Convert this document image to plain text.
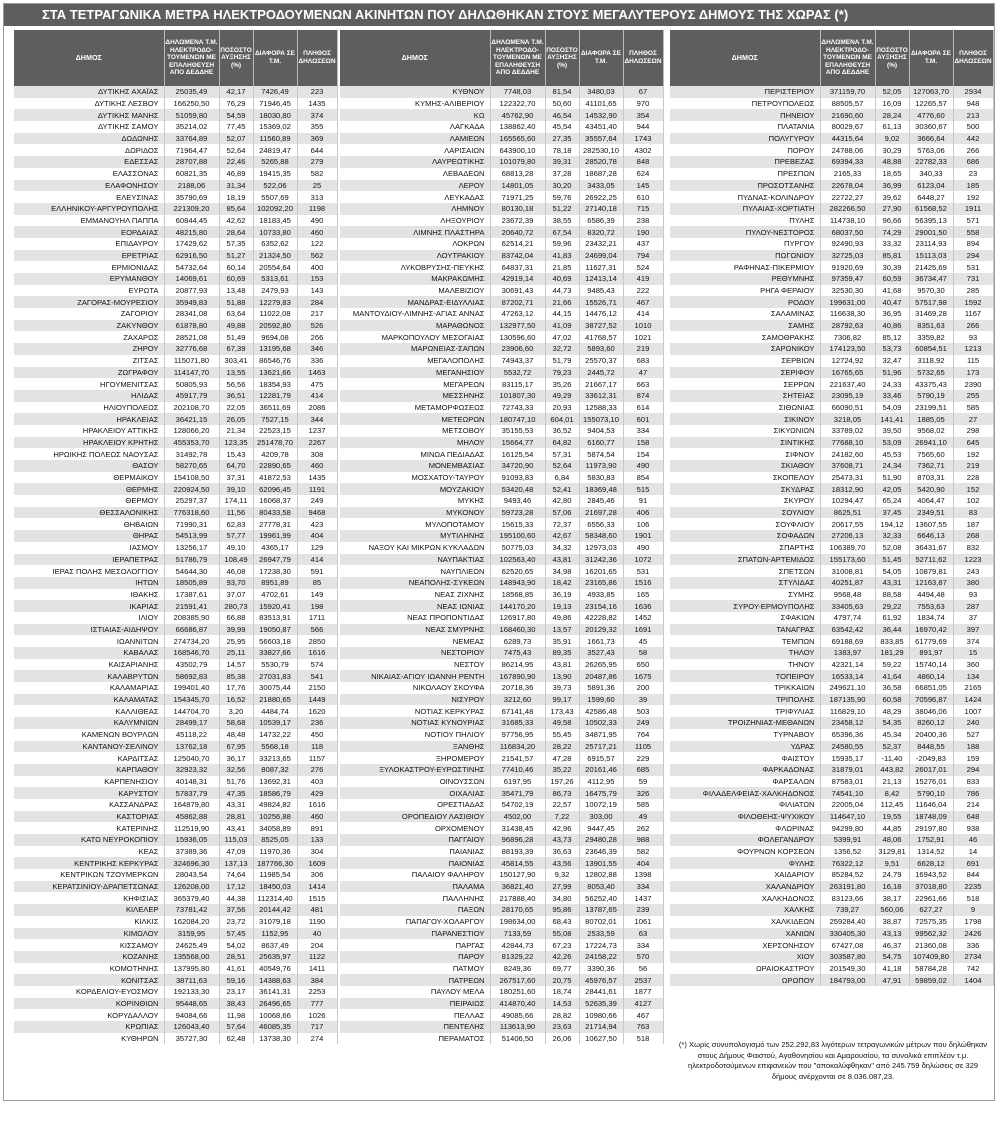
ΣΤΑ ΤΕΤΡΑΓΩΝΙΚΑ ΜΕΤΡΑ ΗΛΕΚΤΡΟΔΟΥΜΕΝΩΝ ΑΚΙΝΗΤΩΝ ΠΟΥ ΔΗΛΩΘΗΚΑΝ ΣΤΟΥΣ ΜΕΓΑΛΥΤΕΡΟΥΣ ΔΗΜΟΥΣ ΤΗΣ ΧΩΡΑΣ (*)
ΔΗΜΟΣ	ΔΗΛΩΜΕΝΑ Τ.Μ. ΗΛΕΚΤΡΟΔΟ-ΤΟΥΜΕΝΩΝ ΜΕ ΕΠΑΛΗΘΕΥΣΗ ΑΠΟ ΔΕΔΔΗΕ	ΠΟΣΟΣΤΟ ΑΥΞΗΣΗΣ (%)	ΔΙΑΦΟΡΑ ΣΕ Τ.Μ.	ΠΛΗΘΟΣ ΔΗΛΩΣΕΩΝ
ΔΥΤΙΚΗΣ ΑΧΑΪΑΣ	25035,49	42,17	7426,49	223
ΔΥΤΙΚΗΣ ΛΕΣΒΟΥ	166250,50	76,29	71946,45	1435
ΔΥΤΙΚΗΣ ΜΑΝΗΣ	51059,80	54,59	18030,80	374
ΔΥΤΙΚΗΣ ΣΑΜΟΥ	35214,02	77,45	15369,02	355
ΔΩΔΩΝΗΣ	33764,89	52,07	11560,89	369
ΔΩΡΙΔΟΣ	71964,47	52,64	24819,47	644
ΕΔΕΣΣΑΣ	28707,88	22,46	5265,88	279
ΕΛΑΣΣΟΝΑΣ	60821,35	46,89	19415,35	582
ΕΛΑΦΟΝΗΣΟΥ	2188,06	31,34	522,06	25
ΕΛΕΥΣΙΝΑΣ	35790,69	18,19	5507,69	313
ΕΛΛΗΝΙΚΟΥ-ΑΡΓΥΡΟΥΠΟΛΗΣ	221309,20	85,64	102092,20	1198
ΕΜΜΑΝΟΥΗΛ ΠΑΠΠΑ	60844,45	42,62	18183,45	490
ΕΟΡΔΑΙΑΣ	48215,80	28,64	10733,80	460
ΕΠΙΔΑΥΡΟΥ	17429,62	57,35	6352,62	122
ΕΡΕΤΡΙΑΣ	62916,50	51,27	21324,50	562
ΕΡΜΙΟΝΙΔΑΣ	54732,64	60,14	20554,64	400
ΕΡΥΜΑΝΘΟΥ	14069,61	60,69	5313,61	153
ΕΥΡΩΤΑ	20877,93	13,48	2479,93	143
ΖΑΓΟΡΑΣ-ΜΟΥΡΕΣΙΟΥ	35949,83	51,88	12279,83	284
ΖΑΓΟΡΙΟΥ	28341,08	63,64	11022,08	217
ΖΑΚΥΝΘΟΥ	61878,80	49,88	20592,80	526
ΖΑΧΑΡΩΣ	28521,08	51,49	9694,08	266
ΖΗΡΟΥ	32776,68	67,39	13195,68	346
ΖΙΤΣΑΣ	115071,80	303,41	86546,76	336
ΖΩΓΡΑΦΟΥ	114147,70	13,55	13621,66	1463
ΗΓΟΥΜΕΝΙΤΣΑΣ	50805,93	56,56	18354,93	475
ΗΛΙΔΑΣ	45917,79	36,51	12281,79	414
ΗΛΙΟΥΠΟΛΕΩΣ	202108,70	22,05	36511,69	2086
ΗΡΑΚΛΕΙΑΣ	36421,15	26,05	7527,15	344
ΗΡΑΚΛΕΙΟΥ ΑΤΤΙΚΗΣ	128066,20	21,34	22523,15	1237
ΗΡΑΚΛΕΙΟΥ ΚΡΗΤΗΣ	455353,70	123,35	251478,70	2267
ΗΡΩΙΚΗΣ ΠΟΛΕΩΣ ΝΑΟΥΣΑΣ	31492,78	15,43	4209,78	308
ΘΑΣΟΥ	58270,65	64,70	22890,65	460
ΘΕΡΜΑΙΚΟΥ	154108,50	37,31	41872,53	1435
ΘΕΡΜΗΣ	220924,50	39,10	62096,45	1191
ΘΕΡΜΟΥ	25297,37	174,11	16068,37	249
ΘΕΣΣΑΛΟΝΙΚΗΣ	776318,60	11,56	80433,58	9468
ΘΗΒΑΙΩΝ	71990,31	62,83	27778,31	423
ΘΗΡΑΣ	54513,99	57,77	19961,99	404
ΙΑΣΜΟΥ	13256,17	49,10	4365,17	129
ΙΕΡΑΠΕΤΡΑΣ	51786,79	108,49	26947,79	414
ΙΕΡΑΣ ΠΟΛΗΣ ΜΕΣΟΛΟΓΓΙΟΥ	54644,30	46,08	17238,30	591
ΙΗΤΩΝ	18505,89	93,70	8951,89	85
ΙΘΑΚΗΣ	17387,61	37,07	4702,61	149
ΙΚΑΡΙΑΣ	21591,41	280,73	15920,41	198
ΙΛΙΟΥ	208385,90	66,88	83513,91	1711
ΙΣΤΙΑΙΑΣ-ΑΙΔΗΨΟΥ	66686,87	39,99	19050,87	566
ΙΩΑΝΝΙΤΩΝ	274734,20	25,95	56603,18	2850
ΚΑΒΑΛΑΣ	168546,70	25,11	33827,66	1616
ΚΑΙΣΑΡΙΑΝΗΣ	43502,79	14,57	5530,79	574
ΚΑΛΑΒΡΥΤΩΝ	58692,83	85,38	27031,83	541
ΚΑΛΑΜΑΡΙΑΣ	199401,40	17,76	30075,44	2150
ΚΑΛΑΜΑΤΑΣ	154345,70	16,52	21880,65	1449
ΚΑΛΛΙΘΕΑΣ	144704,70	3,20	4484,74	1620
ΚΑΛΥΜΝΙΩΝ	28499,17	58,68	10539,17	236
ΚΑΜΕΝΩΝ ΒΟΥΡΛΩΝ	45118,22	48,48	14732,22	450
ΚΑΝΤΑΝΟΥ-ΣΕΛΙΝΟΥ	13762,18	67,95	5568,18	118
ΚΑΡΔΙΤΣΑΣ	125040,70	36,17	33213,65	1157
ΚΑΡΠΑΘΟΥ	32923,32	32,56	8087,32	276
ΚΑΡΠΕΝΗΣΙΟΥ	40148,31	51,76	13692,31	403
ΚΑΡΥΣΤΟΥ	57837,79	47,35	18586,79	429
ΚΑΣΣΑΝΔΡΑΣ	164879,80	43,31	49824,82	1616
ΚΑΣΤΟΡΙΑΣ	45862,88	28,81	10256,88	460
ΚΑΤΕΡΙΝΗΣ	112519,90	43,41	34058,89	891
ΚΑΤΩ ΝΕΥΡΟΚΟΠΙΟΥ	15936,05	115,03	8525,05	133
ΚΕΑΣ	37389,36	47,09	11970,36	304
ΚΕΝΤΡΙΚΗΣ ΚΕΡΚΥΡΑΣ	324696,30	137,13	187766,30	1609
ΚΕΝΤΡΙΚΩΝ ΤΖΟΥΜΕΡΚΩΝ	28043,54	74,64	11985,54	306
ΚΕΡΑΤΣΙΝΙΟΥ-ΔΡΑΠΕΤΣΩΝΑΣ	126208,00	17,12	18450,03	1414
ΚΗΦΙΣΙΑΣ	365379,40	44,38	112314,40	1515
ΚΙΛΕΛΕΡ	73781,42	37,56	20144,42	481
ΚΙΛΚΙΣ	162084,20	23,72	31079,18	1190
ΚΙΜΩΛΟΥ	3159,95	57,45	1152,95	40
ΚΙΣΣΑΜΟΥ	24625,49	54,02	8637,49	204
ΚΟΖΑΝΗΣ	135568,00	28,51	25635,97	1122
ΚΟΜΟΤΗΝΗΣ	137995,80	41,61	40549,76	1411
ΚΟΝΙΤΣΑΣ	38711,63	59,16	14388,63	384
ΚΟΡΔΕΛΙΟΥ-ΕΥΟΣΜΟΥ	192133,30	23,17	36141,31	2253
ΚΟΡΙΝΘΙΩΝ	95448,65	38,43	26496,65	777
ΚΟΡΥΔΑΛΛΟΥ	94084,66	11,98	10068,66	1026
ΚΡΩΠΙΑΣ	126043,40	57,64	46085,35	717
ΚΥΘΗΡΩΝ	35727,30	62,48	13738,30	274
ΔΗΜΟΣ	ΔΗΛΩΜΕΝΑ Τ.Μ. ΗΛΕΚΤΡΟΔΟ-ΤΟΥΜΕΝΩΝ ΜΕ ΕΠΑΛΗΘΕΥΣΗ ΑΠΟ ΔΕΔΔΗΕ	ΠΟΣΟΣΤΟ ΑΥΞΗΣΗΣ (%)	ΔΙΑΦΟΡΑ ΣΕ Τ.Μ.	ΠΛΗΘΟΣ ΔΗΛΩΣΕΩΝ
ΚΥΘΝΟΥ	7748,03	81,54	3480,03	67
ΚΥΜΗΣ-ΑΛΙΒΕΡΙΟΥ	122322,70	50,60	41101,65	970
ΚΩ	45762,90	46,54	14532,90	354
ΛΑΓΚΑΔΑ	138862,40	45,54	43451,40	944
ΛΑΜΙΕΩΝ	165565,60	27,35	35557,64	1743
ΛΑΡΙΣΑΙΩΝ	643900,10	78,18	282530,10	4302
ΛΑΥΡΕΩΤΙΚΗΣ	101079,80	39,31	28520,78	848
ΛΕΒΑΔΕΩΝ	68813,28	37,28	18687,28	624
ΛΕΡΟΥ	14801,05	30,20	3433,05	145
ΛΕΥΚΑΔΑΣ	71971,25	59,76	26922,25	610
ΛΗΜΝΟΥ	80130,18	51,22	27140,18	715
ΛΗΞΟΥΡΙΟΥ	23672,39	38,55	6586,39	238
ΛΙΜΝΗΣ ΠΛΑΣΤΗΡΑ	20640,72	67,54	8320,72	190
ΛΟΚΡΩΝ	62514,21	59,96	23432,21	437
ΛΟΥΤΡΑΚΙΟΥ	83742,04	41,83	24699,04	794
ΛΥΚΟΒΡΥΣΗΣ-ΠΕΥΚΗΣ	64837,31	21,85	11627,31	524
ΜΑΚΡΑΚΩΜΗΣ	42919,14	40,69	12413,14	419
ΜΑΛΕΒΙΖΙΟΥ	30691,43	44,73	9485,43	222
ΜΑΝΔΡΑΣ-ΕΙΔΥΛΛΙΑΣ	87202,71	21,66	15526,71	467
ΜΑΝΤΟΥΔΙΟΥ-ΛΙΜΝΗΣ-ΑΓΙΑΣ ΑΝΝΑΣ	47263,12	44,15	14476,12	414
ΜΑΡΑΘΩΝΟΣ	132977,50	41,09	38727,52	1010
ΜΑΡΚΟΠΟΥΛΟΥ ΜΕΣΟΓΑΙΑΣ	130596,60	47,02	41768,57	1021
ΜΑΡΩΝΕΙΑΣ-ΣΑΠΩΝ	23906,60	32,72	5893,60	219
ΜΕΓΑΛΟΠΟΛΗΣ	74943,37	51,79	25570,37	683
ΜΕΓΑΝΗΣΙΟΥ	5532,72	79,23	2445,72	47
ΜΕΓΑΡΕΩΝ	83115,17	35,26	21667,17	663
ΜΕΣΣΗΝΗΣ	101807,30	49,29	33612,31	874
ΜΕΤΑΜΟΡΦΩΣΕΩΣ	72743,33	20,93	12588,33	614
ΜΕΤΕΩΡΩΝ	180747,10	604,01	155073,10	601
ΜΕΤΣΟΒΟΥ	35155,53	36,52	9404,53	334
ΜΗΛΟΥ	15664,77	64,82	6160,77	158
ΜΙΝΩΑ ΠΕΔΙΑΔΑΣ	16125,54	57,31	5874,54	154
ΜΟΝΕΜΒΑΣΙΑΣ	34720,90	52,64	11973,90	490
ΜΟΣΧΑΤΟΥ-ΤΑΥΡΟΥ	91093,83	6,84	5830,83	854
ΜΟΥΖΑΚΙΟΥ	53420,48	52,41	18369,48	515
ΜΥΚΗΣ	9493,46	42,80	2845,46	91
ΜΥΚΟΝΟΥ	59723,28	57,06	21697,28	406
ΜΥΛΟΠΟΤΑΜΟΥ	15615,33	72,37	6556,33	106
ΜΥΤΙΛΗΝΗΣ	195100,60	42,67	58348,60	1901
ΝΑΞΟΥ ΚΑΙ ΜΙΚΡΩΝ ΚΥΚΛΑΔΩΝ	50775,03	34,32	12973,03	490
ΝΑΥΠΑΚΤΙΑΣ	102563,40	43,81	31242,36	1072
ΝΑΥΠΛΙΕΩΝ	62520,65	34,98	16201,65	531
ΝΕΑΠΟΛΗΣ-ΣΥΚΕΩΝ	148943,90	18,42	23165,86	1516
ΝΕΑΣ ΖΙΧΝΗΣ	18568,85	36,19	4933,85	165
ΝΕΑΣ ΙΩΝΙΑΣ	144170,20	19,13	23154,16	1636
ΝΕΑΣ ΠΡΟΠΟΝΤΙΔΑΣ	126917,80	49,86	42228,82	1452
ΝΕΑΣ ΣΜΥΡΝΗΣ	168460,30	13,57	20129,32	1691
ΝΕΜΕΑΣ	6289,73	35,91	1661,73	45
ΝΕΣΤΟΡΙΟΥ	7475,43	89,35	3527,43	58
ΝΕΣΤΟΥ	86214,95	43,81	26265,95	650
ΝΙΚΑΙΑΣ-ΑΓΙΟΥ ΙΩΑΝΝΗ ΡΕΝΤΗ	167890,90	13,90	20487,86	1675
ΝΙΚΟΛΑΟΥ ΣΚΟΥΦΑ	20718,36	39,73	5891,36	200
ΝΙΣΥΡΟΥ	3212,60	99,17	1599,60	39
ΝΟΤΙΑΣ ΚΕΡΚΥΡΑΣ	67141,48	173,43	42586,48	503
ΝΟΤΙΑΣ ΚΥΝΟΥΡΙΑΣ	31685,33	49,58	10502,33	249
ΝΟΤΙΟΥ ΠΗΛΙΟΥ	97756,95	55,45	34871,95	764
ΞΑΝΘΗΣ	116834,20	28,22	25717,21	1105
ΞΗΡΟΜΕΡΟΥ	21541,57	47,28	6915,57	229
ΞΥΛΟΚΑΣΤΡΟΥ-ΕΥΡΩΣΤΙΝΗΣ	77410,46	35,22	20161,46	685
ΟΙΝΟΥΣΣΩΝ	6197,95	197,26	4112,95	59
ΟΙΧΑΛΙΑΣ	35471,79	86,73	16475,79	326
ΟΡΕΣΤΙΑΔΑΣ	54702,19	22,57	10072,19	585
ΟΡΟΠΕΔΙΟΥ ΛΑΣΙΘΙΟΥ	4502,00	7,22	303,00	49
ΟΡΧΟΜΕΝΟΥ	31438,45	42,96	9447,45	262
ΠΑΓΓΑΙΟΥ	96896,28	43,73	29480,28	988
ΠΑΙΑΝΙΑΣ	88193,39	36,63	23646,39	582
ΠΑΙΟΝΙΑΣ	45814,55	43,56	13901,55	404
ΠΑΛΑΙΟΥ ΦΑΛΗΡΟΥ	150127,90	9,32	12802,88	1398
ΠΑΛΑΜΑ	36821,40	27,99	8053,40	334
ΠΑΛΛΗΝΗΣ	217888,40	34,80	56252,40	1437
ΠΑΞΩΝ	28170,65	95,86	13787,65	239
ΠΑΠΑΓΟΥ-ΧΟΛΑΡΓΟΥ	198634,00	68,43	80702,01	1061
ΠΑΡΑΝΕΣΤΙΟΥ	7133,59	55,08	2533,59	63
ΠΑΡΓΑΣ	42844,73	67,23	17224,73	334
ΠΑΡΟΥ	81329,22	42,26	24158,22	570
ΠΑΤΜΟΥ	8249,36	69,77	3390,36	56
ΠΑΤΡΕΩΝ	267517,60	20,75	45976,57	2537
ΠΑΥΛΟΥ ΜΕΛΑ	180251,60	18,74	28441,61	1877
ΠΕΙΡΑΙΩΣ	414870,40	14,53	52635,39	4127
ΠΕΛΛΑΣ	49085,66	28,82	10980,66	467
ΠΕΝΤΕΛΗΣ	113613,90	23,63	21714,94	763
ΠΕΡΑΜΑΤΟΣ	51406,50	26,06	10627,50	518
ΔΗΜΟΣ	ΔΗΛΩΜΕΝΑ Τ.Μ. ΗΛΕΚΤΡΟΔΟ-ΤΟΥΜΕΝΩΝ ΜΕ ΕΠΑΛΗΘΕΥΣΗ ΑΠΟ ΔΕΔΔΗΕ	ΠΟΣΟΣΤΟ ΑΥΞΗΣΗΣ (%)	ΔΙΑΦΟΡΑ ΣΕ Τ.Μ.	ΠΛΗΘΟΣ ΔΗΛΩΣΕΩΝ
ΠΕΡΙΣΤΕΡΙΟΥ	371159,70	52,05	127063,70	2934
ΠΕΤΡΟΥΠΟΛΕΩΣ	88505,57	16,09	12265,57	948
ΠΗΝΕΙΟΥ	21690,60	28,24	4776,60	213
ΠΛΑΤΑΝΙΑ	80029,67	61,13	30360,67	500
ΠΟΛΥΓΥΡΟΥ	44315,64	9,02	3666,64	442
ΠΟΡΟΥ	24788,06	30,29	5763,06	266
ΠΡΕΒΕΖΑΣ	69394,33	48,88	22782,33	686
ΠΡΕΣΠΩΝ	2165,33	18,65	340,33	23
ΠΡΟΣΟΤΣΑΝΗΣ	22678,04	36,99	6123,04	185
ΠΥΔΝΑΣ-ΚΟΛΙΝΔΡΟΥ	22722,27	39,62	6448,27	192
ΠΥΛΑΙΑΣ-ΧΟΡΤΙΑΤΗ	282266,50	27,90	61568,52	1911
ΠΥΛΗΣ	114738,10	96,66	56395,13	571
ΠΥΛΟΥ-ΝΕΣΤΟΡΟΣ	68037,50	74,29	29001,50	558
ΠΥΡΓΟΥ	92490,93	33,32	23114,93	894
ΠΩΓΩΝΙΟΥ	32725,03	85,81	15113,03	294
ΡΑΦΗΝΑΣ-ΠΙΚΕΡΜΙΟΥ	91920,69	30,39	21425,69	531
ΡΕΘΥΜΝΗΣ	97359,47	60,59	36734,47	731
ΡΗΓΑ ΦΕΡΑΙΟΥ	32530,30	41,68	9570,30	285
ΡΟΔΟΥ	199631,00	40,47	57517,98	1592
ΣΑΛΑΜΙΝΑΣ	116638,30	36,95	31469,28	1167
ΣΑΜΗΣ	28792,63	40,86	8351,63	266
ΣΑΜΟΘΡΑΚΗΣ	7306,82	85,12	3359,82	93
ΣΑΡΩΝΙΚΟΥ	174123,50	53,73	60854,51	1213
ΣΕΡΒΙΩΝ	12724,92	32,47	3118,92	115
ΣΕΡΙΦΟΥ	16765,65	51,96	5732,65	173
ΣΕΡΡΩΝ	221637,40	24,33	43375,43	2390
ΣΗΤΕΙΑΣ	23095,19	33,46	5790,19	255
ΣΙΘΩΝΙΑΣ	66090,51	54,09	23199,51	585
ΣΙΚΙΝΟΥ	3218,05	141,41	1885,05	27
ΣΙΚΥΩΝΙΩΝ	33789,02	39,50	9568,02	298
ΣΙΝΤΙΚΗΣ	77688,10	53,09	26941,10	645
ΣΙΦΝΟΥ	24182,60	45,53	7565,60	192
ΣΚΙΑΘΟΥ	37608,71	24,34	7362,71	219
ΣΚΟΠΕΛΟΥ	25473,31	51,90	8703,31	228
ΣΚΥΔΡΑΣ	18312,90	42,05	5420,90	152
ΣΚΥΡΟΥ	10294,47	65,24	4064,47	102
ΣΟΥΛΙΟΥ	8625,51	37,45	2349,51	83
ΣΟΥΦΛΙΟΥ	20617,55	194,12	13607,55	187
ΣΟΦΑΔΩΝ	27206,13	32,33	6646,13	268
ΣΠΑΡΤΗΣ	106389,70	52,08	36431,67	832
ΣΠΑΤΩΝ-ΑΡΤΕΜΙΔΟΣ	155173,60	51,45	52711,62	1223
ΣΠΕΤΣΩΝ	31008,81	54,05	10879,81	243
ΣΤΥΛΙΔΑΣ	40251,87	43,31	12163,87	380
ΣΥΜΗΣ	9568,48	88,58	4494,48	93
ΣΥΡΟΥ-ΕΡΜΟΥΠΟΛΗΣ	33405,63	29,22	7553,63	287
ΣΦΑΚΙΩΝ	4797,74	61,92	1834,74	37
ΤΑΝΑΓΡΑΣ	63542,42	36,44	16970,42	397
ΤΕΜΠΩΝ	69188,69	833,85	61779,69	374
ΤΗΛΟΥ	1383,97	181,29	891,97	15
ΤΗΝΟΥ	42321,14	59,22	15740,14	360
ΤΟΠΕΙΡΟΥ	16533,14	41,64	4860,14	134
ΤΡΙΚΚΑΙΩΝ	249621,10	36,58	66851,05	2165
ΤΡΙΠΟΛΗΣ	187135,90	60,58	70596,87	1424
ΤΡΙΦΥΛΙΑΣ	116829,10	48,29	38046,06	1007
ΤΡΟΙΖΗΝΙΑΣ-ΜΕΘΑΝΩΝ	23458,12	54,35	8260,12	240
ΤΥΡΝΑΒΟΥ	65396,36	45,34	20400,36	527
ΥΔΡΑΣ	24580,55	52,37	8448,55	188
ΦΑΙΣΤΟΥ	15935,17	-11,40	-2049,83	159
ΦΑΡΚΑΔΟΝΑΣ	31879,01	443,82	26017,01	294
ΦΑΡΣΑΛΩΝ	87583,01	21,13	15276,01	833
ΦΙΛΑΔΕΛΦΕΙΑΣ-ΧΑΛΚΗΔΟΝΟΣ	74541,10	8,42	5790,10	786
ΦΙΛΙΑΤΩΝ	22005,04	112,45	11646,04	214
ΦΙΛΟΘΕΗΣ-ΨΥΧΙΚΟΥ	114647,10	19,55	18748,09	648
ΦΛΩΡΙΝΑΣ	94299,80	44,85	29197,80	938
ΦΟΛΕΓΑΝΔΡΟΥ	5399,91	48,06	1752,91	46
ΦΟΥΡΝΩΝ ΚΟΡΣΕΩΝ	1356,52	3129,81	1314,52	14
ΦΥΛΗΣ	76322,12	9,51	6628,12	691
ΧΑΙΔΑΡΙΟΥ	85284,52	24,79	16943,52	844
ΧΑΛΑΝΔΡΙΟΥ	263191,80	16,18	37018,80	2235
ΧΑΛΚΗΔΟΝΟΣ	83123,66	38,17	22961,66	518
ΧΑΛΚΗΣ	739,27	560,06	627,27	9
ΧΑΛΚΙΔΕΩΝ	259284,40	38,87	72575,35	1798
ΧΑΝΙΩΝ	330405,30	43,13	99562,32	2426
ΧΕΡΣΟΝΗΣΟΥ	67427,08	46,37	21360,08	336
ΧΙΟΥ	303587,80	54,75	107409,80	2734
ΩΡΑΙΟΚΑΣΤΡΟΥ	201549,30	41,18	58784,28	742
ΩΡΩΠΟΥ	184793,00	47,91	59859,02	1404
(*) Χωρίς συνυπολογισμό των 252.292,83 λιγότερων τετραγωνικών μέτρων που δηλώθηκαν στους Δήμους Φαιστού, Αγαθονησίου και Αμαρουσίου, τα συνολικά επιπλέον τ.μ. ηλεκτροδοτούμενων επιφανειών που "αποκαλύφθηκαν" από 245.759 δηλώσεις σε 329 δήμους ανέρχονται σε 8.036.087,23.
